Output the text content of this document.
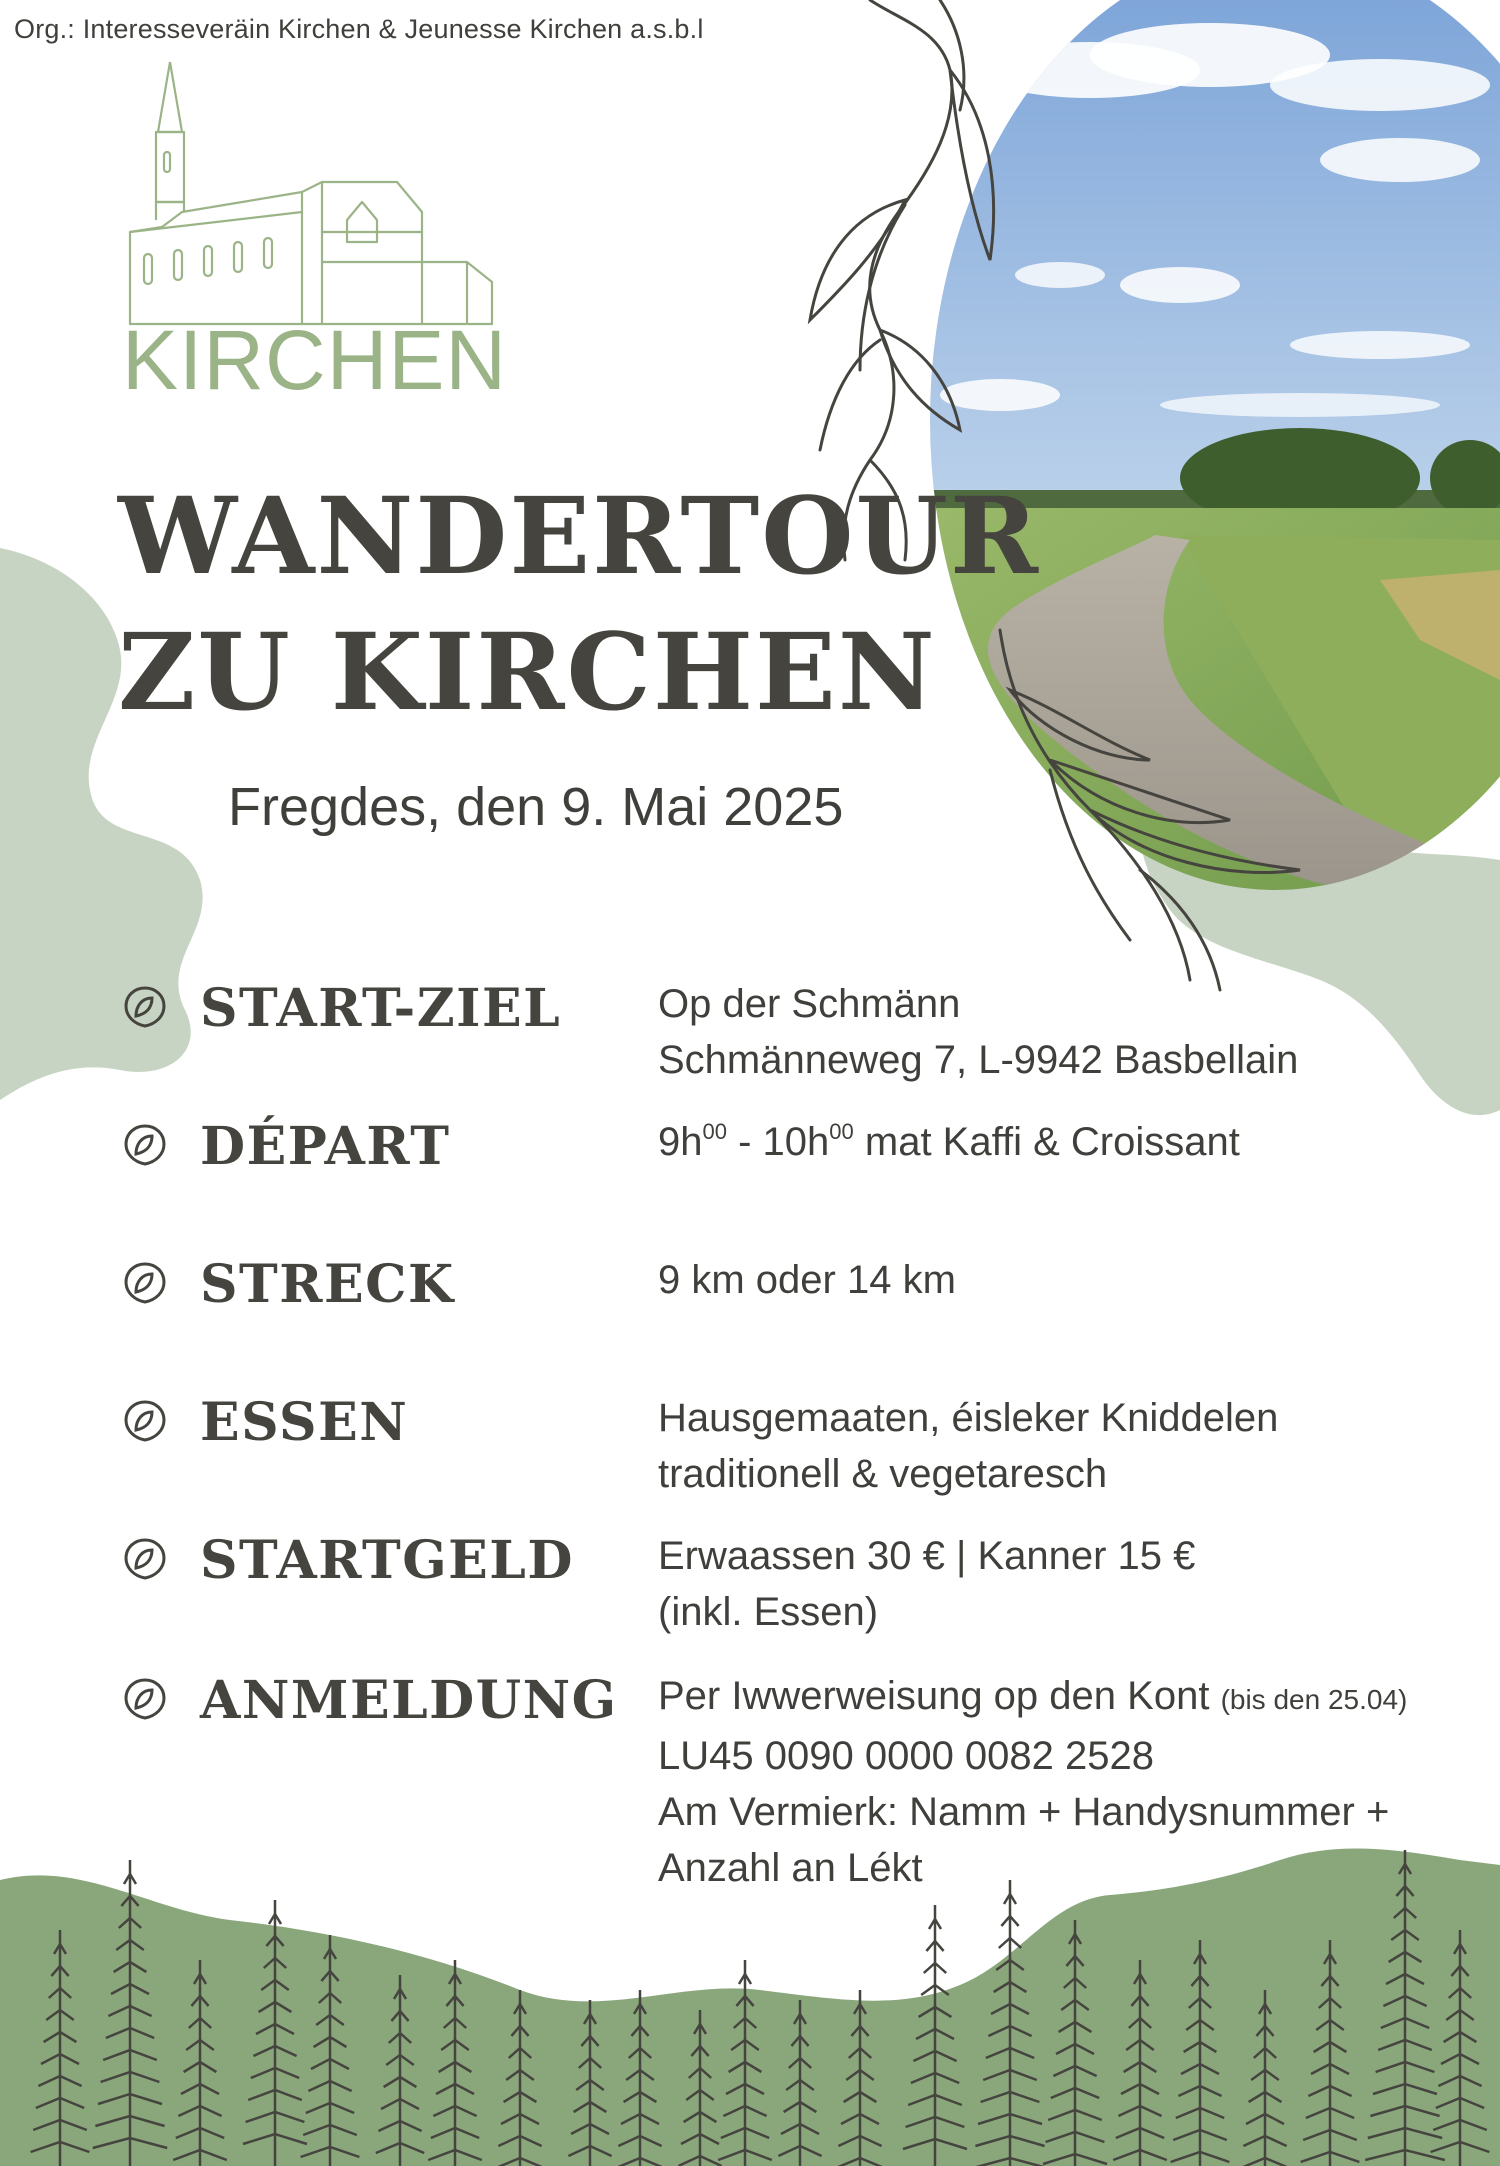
Org.: Interesseveräin Kirchen & Jeunesse Kirchen a.s.b.l
KIRCHEN
WANDERTOUR
ZU KIRCHEN
Fregdes, den 9. Mai 2025
START-ZIEL Op der Schmänn
Schmänneweg 7, L-9942 Basbellain
DÉPART	$9h^{00} - 10h^{00}$ mat Kaffi & Croissant
STRECK	9 km oder 14 km
ESSEN	Hausgemaaten, éisleker Kniddelen
traditionell & vegetaresch
STARTGELD Erwaassen 30 € | Kanner 15 €
(inkl. Essen)
ANMELDUNG Per Iwwerweisung op den Kont (bis den 25.04)
LU45 0090 0000 0082 2528
Am Vermierk: Namm + Handysnummer +
Anzahl an Lékt
